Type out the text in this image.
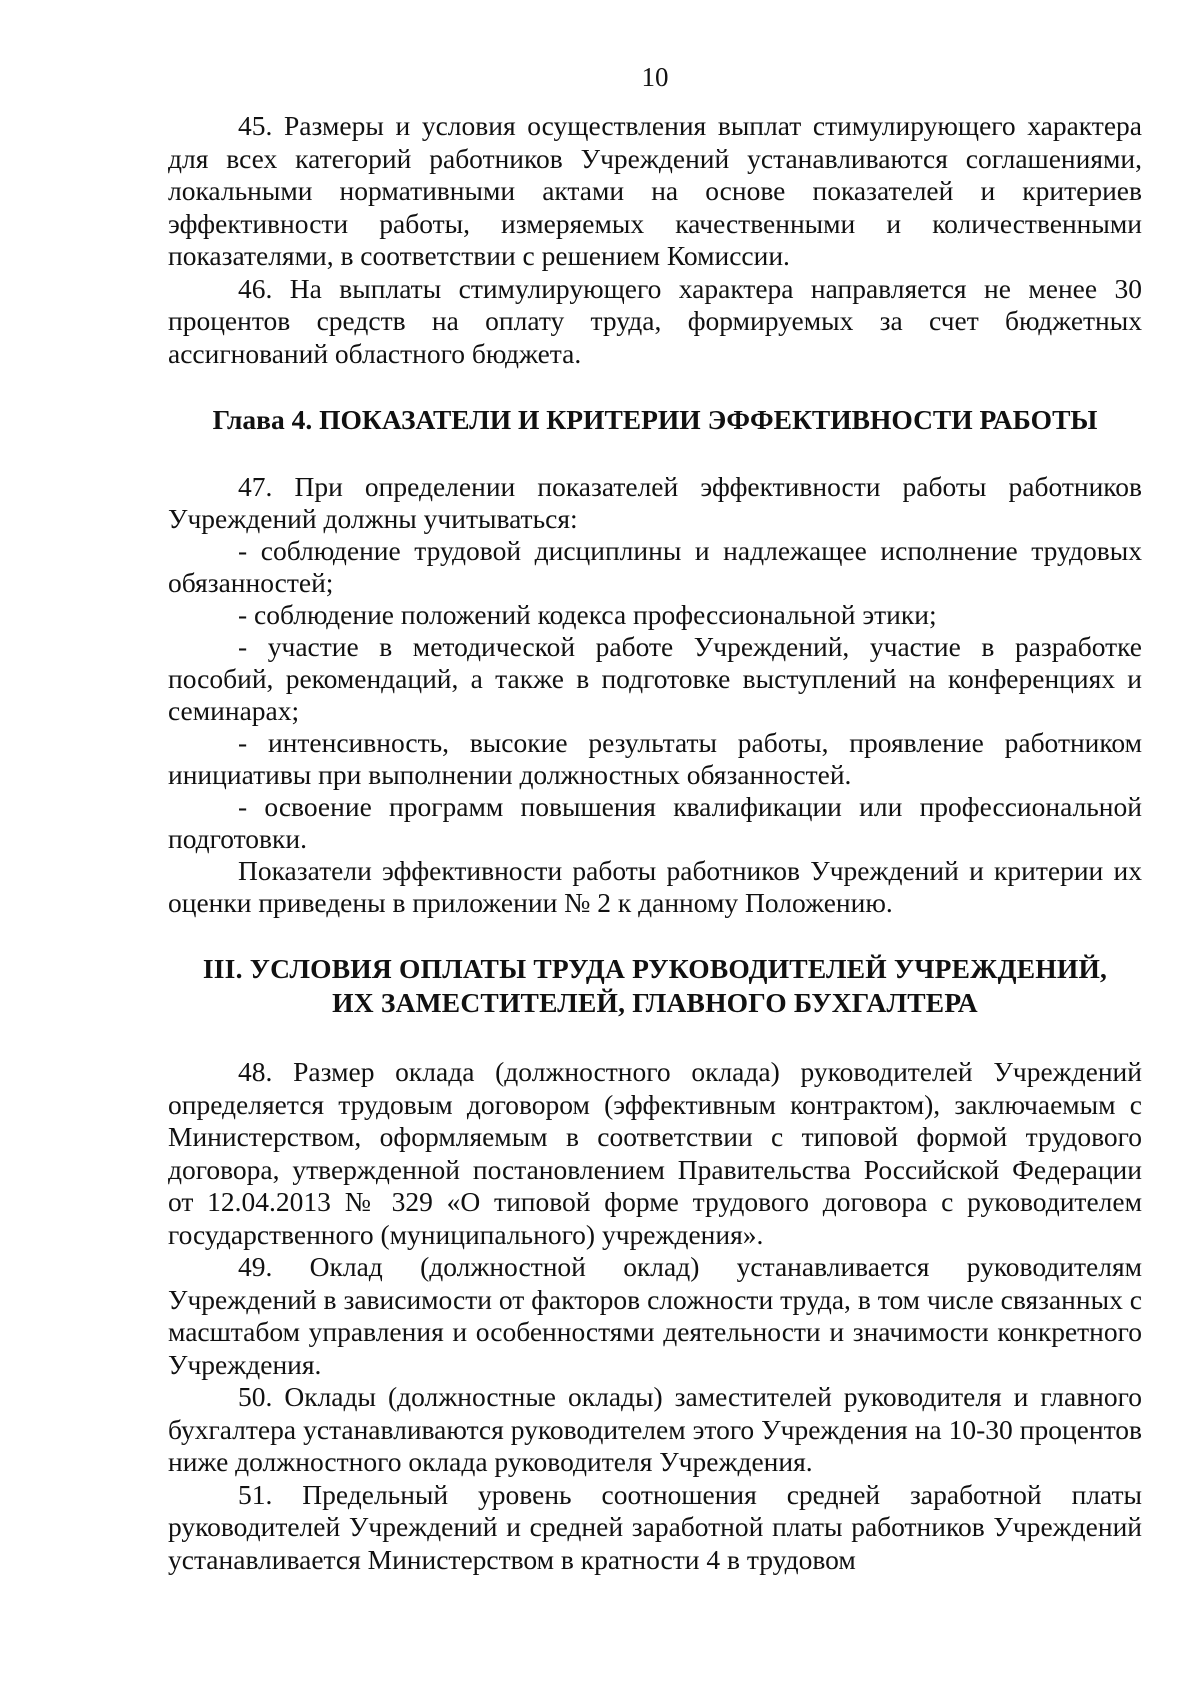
10

45. Размеры и условия осуществления выплат стимулирующего характера для всех категорий работников Учреждений устанавливаются соглашениями, локальными нормативными актами на основе показателей и критериев эффективности работы, измеряемых качественными и количественными показателями, в соответствии с решением Комиссии.

46. На выплаты стимулирующего характера направляется не менее 30 процентов средств на оплату труда, формируемых за счет бюджетных ассигнований областного бюджета.

Глава 4. ПОКАЗАТЕЛИ И КРИТЕРИИ ЭФФЕКТИВНОСТИ РАБОТЫ

47. При определении показателей эффективности работы работников Учреждений должны учитываться:

- соблюдение трудовой дисциплины и надлежащее исполнение трудовых обязанностей;

- соблюдение положений кодекса профессиональной этики;

- участие в методической работе Учреждений, участие в разработке пособий, рекомендаций, а также в подготовке выступлений на конференциях и семинарах;

- интенсивность, высокие результаты работы, проявление работником инициативы при выполнении должностных обязанностей.

- освоение программ повышения квалификации или профессиональной подготовки.

Показатели эффективности работы работников Учреждений и критерии их оценки приведены в приложении № 2 к данному Положению.

III. УСЛОВИЯ ОПЛАТЫ ТРУДА РУКОВОДИТЕЛЕЙ УЧРЕЖДЕНИЙ,
ИХ ЗАМЕСТИТЕЛЕЙ, ГЛАВНОГО БУХГАЛТЕРА

48. Размер оклада (должностного оклада) руководителей Учреждений определяется трудовым договором (эффективным контрактом), заключаемым с Министерством, оформляемым в соответствии с типовой формой трудового договора, утвержденной постановлением Правительства Российской Федерации от 12.04.2013 № 329 «О типовой форме трудового договора с руководителем государственного (муниципального) учреждения».

49. Оклад (должностной оклад) устанавливается руководителям Учреждений в зависимости от факторов сложности труда, в том числе связанных с масштабом управления и особенностями деятельности и значимости конкретного Учреждения.

50. Оклады (должностные оклады) заместителей руководителя и главного бухгалтера устанавливаются руководителем этого Учреждения на 10-30 процентов ниже должностного оклада руководителя Учреждения.

51. Предельный уровень соотношения средней заработной платы руководителей Учреждений и средней заработной платы работников Учреждений устанавливается Министерством в кратности 4 в трудовом
